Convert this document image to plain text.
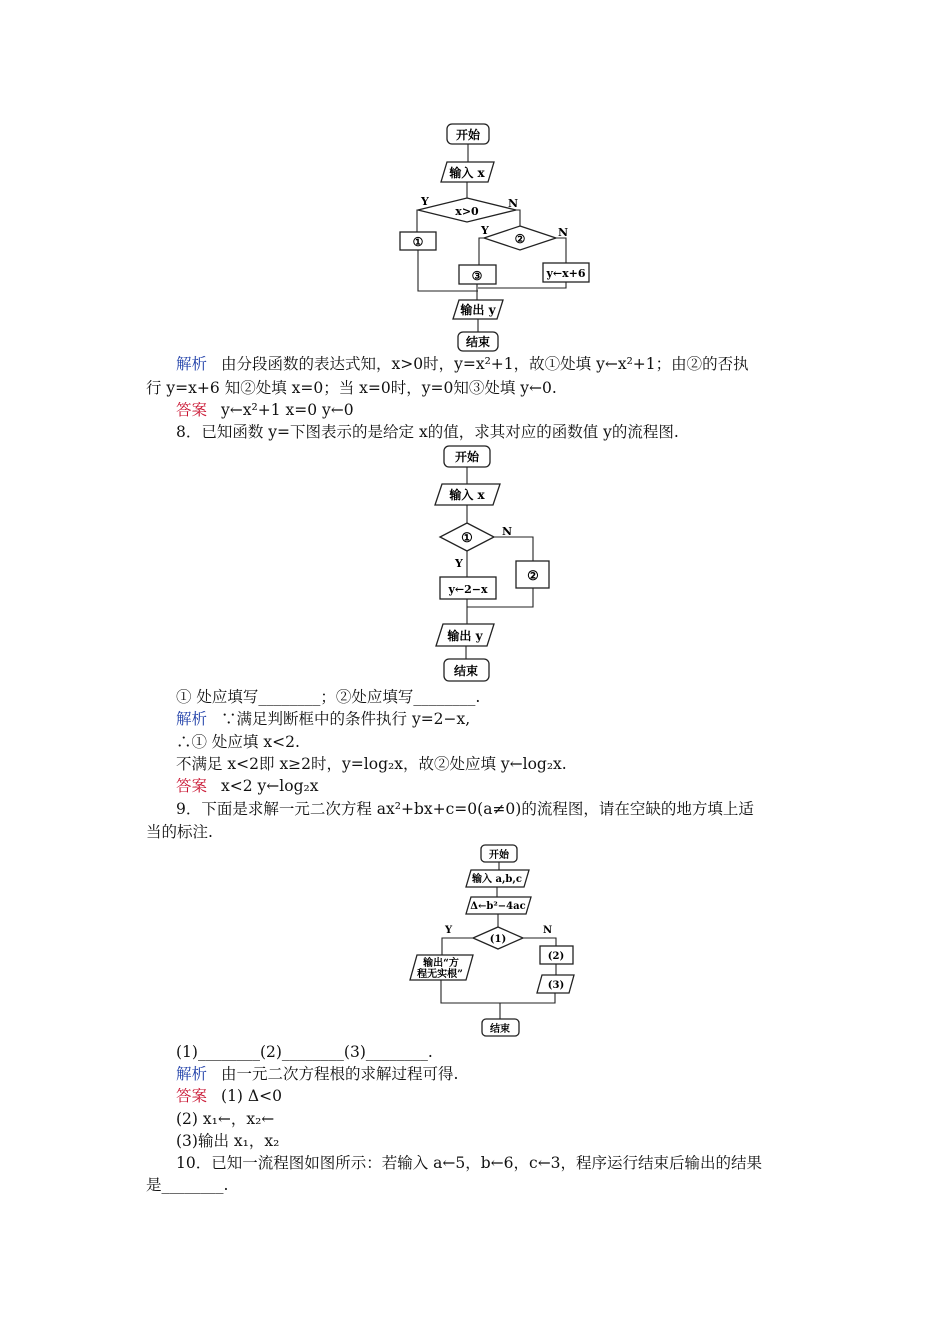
开始
输入 x
x>0
Y	N
①	②
Y	N
③	y←x+6
输出 y
结束
开始
输入 x
①
Y
N
y←2−x
②
输出 y
结束
开始
输入 a,b,c
Δ←b²−4ac
(1)
Y	N
输出“方
程无实根”
(2)
(3)
结束
解析 由分段函数的表达式知，x>0时，y=x²+1，故①处填 y←x²+1；由②的否执
行 y=x+6 知②处填 x=0；当 x=0时，y=0知③处填 y←0.
答案 y←x²+1 x=0 y←0
8．已知函数 y=下图表示的是给定 x的值，求其对应的函数值 y的流程图.
① 处应填写________；②处应填写________.
解析 ∵满足判断框中的条件执行 y=2−x,
∴① 处应填 x<2.
不满足 x<2即 x≥2时，y=log₂x，故②处应填 y←log₂x.
答案 x<2 y←log₂x
9．下面是求解一元二次方程 ax²+bx+c=0(a≠0)的流程图，请在空缺的地方填上适
当的标注.
(1)________(2)________(3)________.
解析 由一元二次方程根的求解过程可得.
答案 (1) Δ<0
(2) x₁←，x₂←
(3)输出 x₁，x₂
10．已知一流程图如图所示：若输入 a←5，b←6，c←3，程序运行结束后输出的结果
是________.
